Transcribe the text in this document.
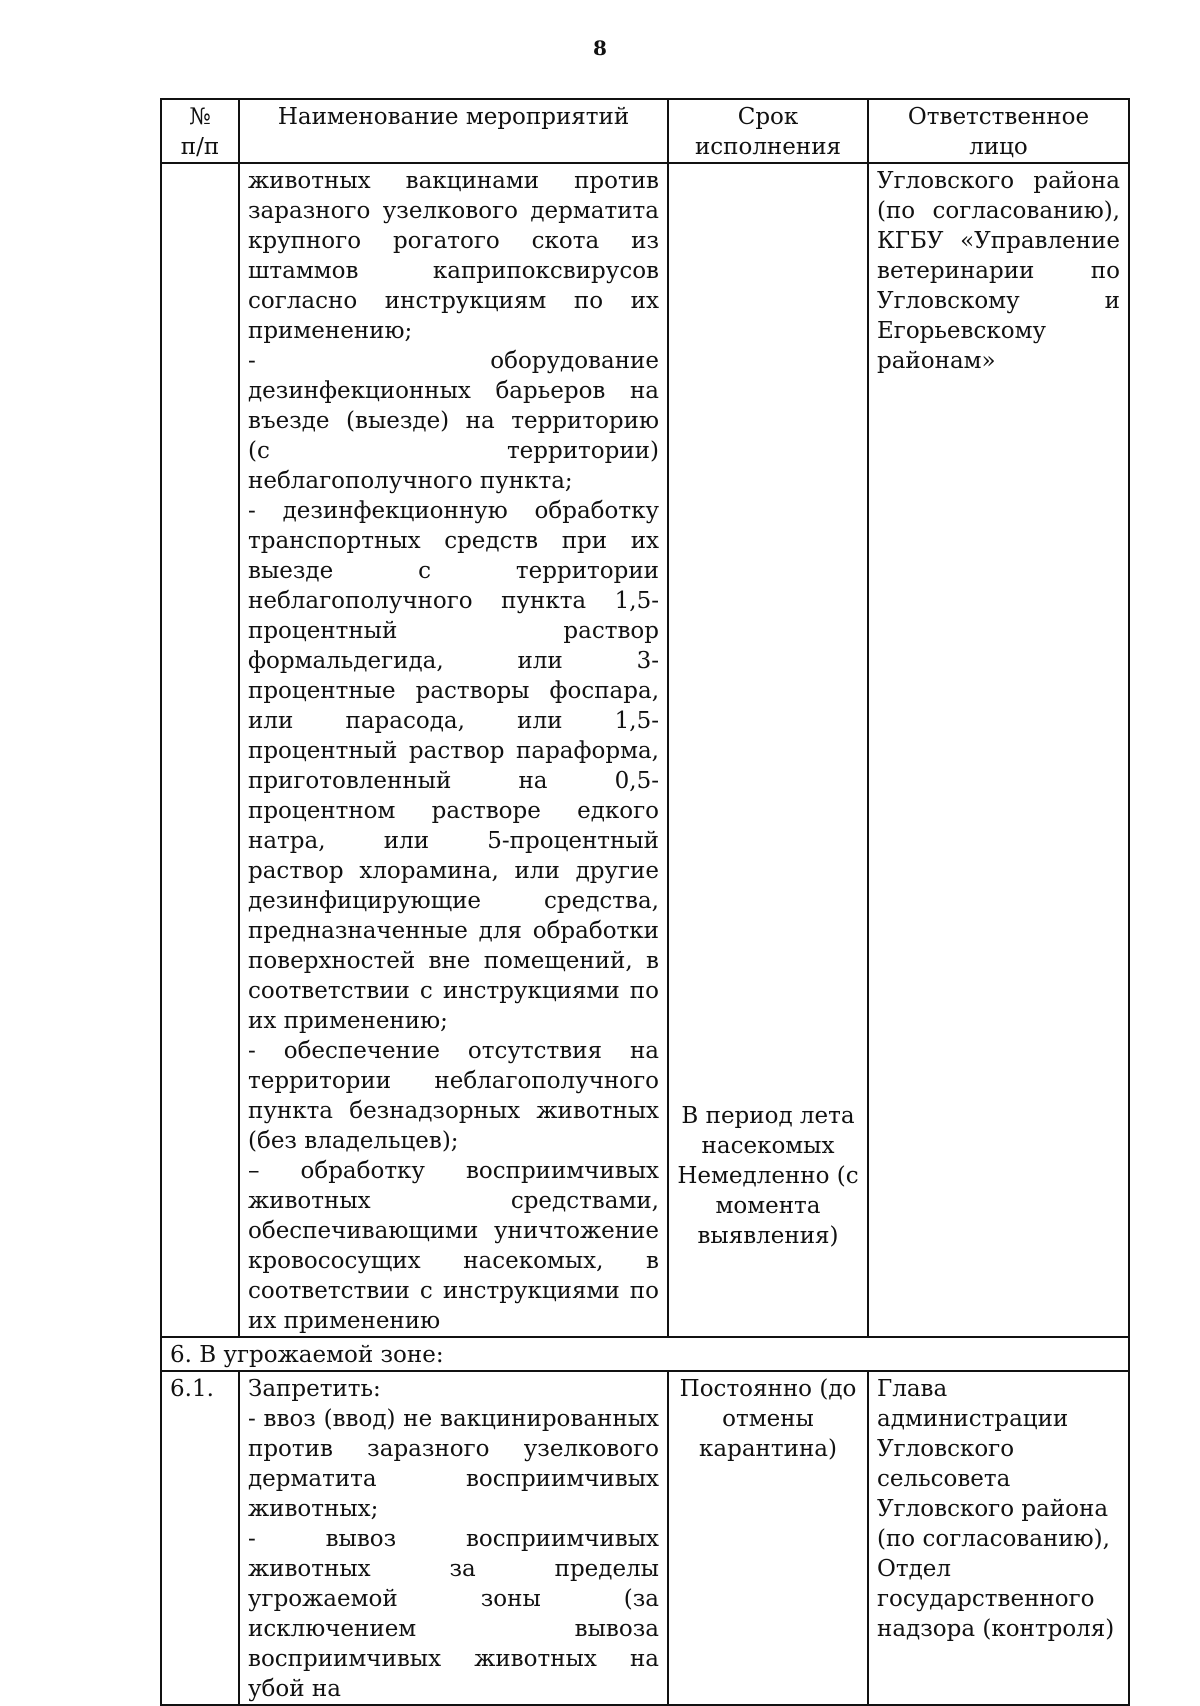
8
№ п/п	Наименование мероприятий	Срок исполнения	Ответственное лицо
	животных вакцинами против заразного узелкового дерматита крупного рогатого скота из штаммов каприпоксвирусов согласно инструкциям по их применению;
- оборудование дезинфекционных барьеров на въезде (выезде) на территорию (с территории) неблагополучного пункта;
- дезинфекционную обработку транспортных средств при их выезде с территории неблагополучного пункта 1,5-процентный раствор формальдегида, или 3-процентные растворы фоспара, или парасода, или 1,5-процентный раствор параформа, приготовленный на 0,5-процентном растворе едкого натра, или 5-процентный раствор хлорамина, или другие дезинфицирующие средства, предназначенные для обработки поверхностей вне помещений, в соответствии с инструкциями по их применению;
- обеспечение отсутствия на территории неблагополучного пункта безнадзорных животных (без владельцев);
– обработку восприимчивых животных средствами, обеспечивающими уничтожение кровососущих насекомых, в соответствии с инструкциями по их применению	В период лета насекомых Немедленно (с момента выявления)	Угловского района (по согласованию), КГБУ «Управление ветеринарии по Угловскому и Егорьевскому районам»
6. В угрожаемой зоне:			
6.1.	Запретить:
- ввоз (ввод) не вакцинированных против заразного узелкового дерматита восприимчивых животных;
- вывоз восприимчивых животных за пределы угрожаемой зоны (за исключением вывоза восприимчивых животных на убой на	Постоянно (до отмены карантина)	Глава администрации Угловского сельсовета Угловского района (по согласованию), Отдел государственного надзора (контроля)
